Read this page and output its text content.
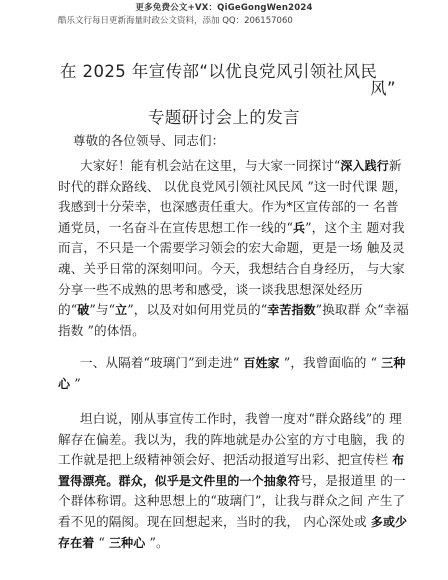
更多免费公文+VX：QiGeGongWen2024
酷乐文行每日更新海量时政公文资料，添加 QQ：206157060
在 2025 年宣传部“以优良党风引领社风民
风”
专题研讨会上的发言
尊敬的各位领导、同志们：
大家好！能有机会站在这里，与大家一同探讨“深入践行新时代的群众路线、 以优良党风引领社风民风 ”这一时代课 题，我感到十分荣幸，也深感责任重大。作为*区宣传部的一 名普通党员，一名奋斗在宣传思想工作一线的“兵”，这个主 题对我而言，不只是一个需要学习领会的宏大命题，更是一场 触及灵魂、关乎日常的深刻叩问。今天，我想结合自身经历， 与大家分享一些不成熟的思考和感受，谈一谈我思想深处经历的“破”与“立”，以及对如何用党员的“幸苦指数”换取群 众“幸福指数 ”的体悟。
一、从隔着“玻璃门”到走进“ 百姓家 ”，我曾面临的 “ 三种心 ”
坦白说，刚从事宣传工作时，我曾一度对“群众路线”的 理解存在偏差。我以为，我的阵地就是办公室的方寸电脑，我 的工作就是把上级精神领会好、把活动报道写出彩、把宣传栏 布置得漂亮。群众，似乎是文件里的一个抽象符号，是报道里 的一个群体称谓。这种思想上的“玻璃门”，让我与群众之间 产生了看不见的隔阂。现在回想起来，当时的我， 内心深处或 多或少存在着 “ 三种心 ”。
